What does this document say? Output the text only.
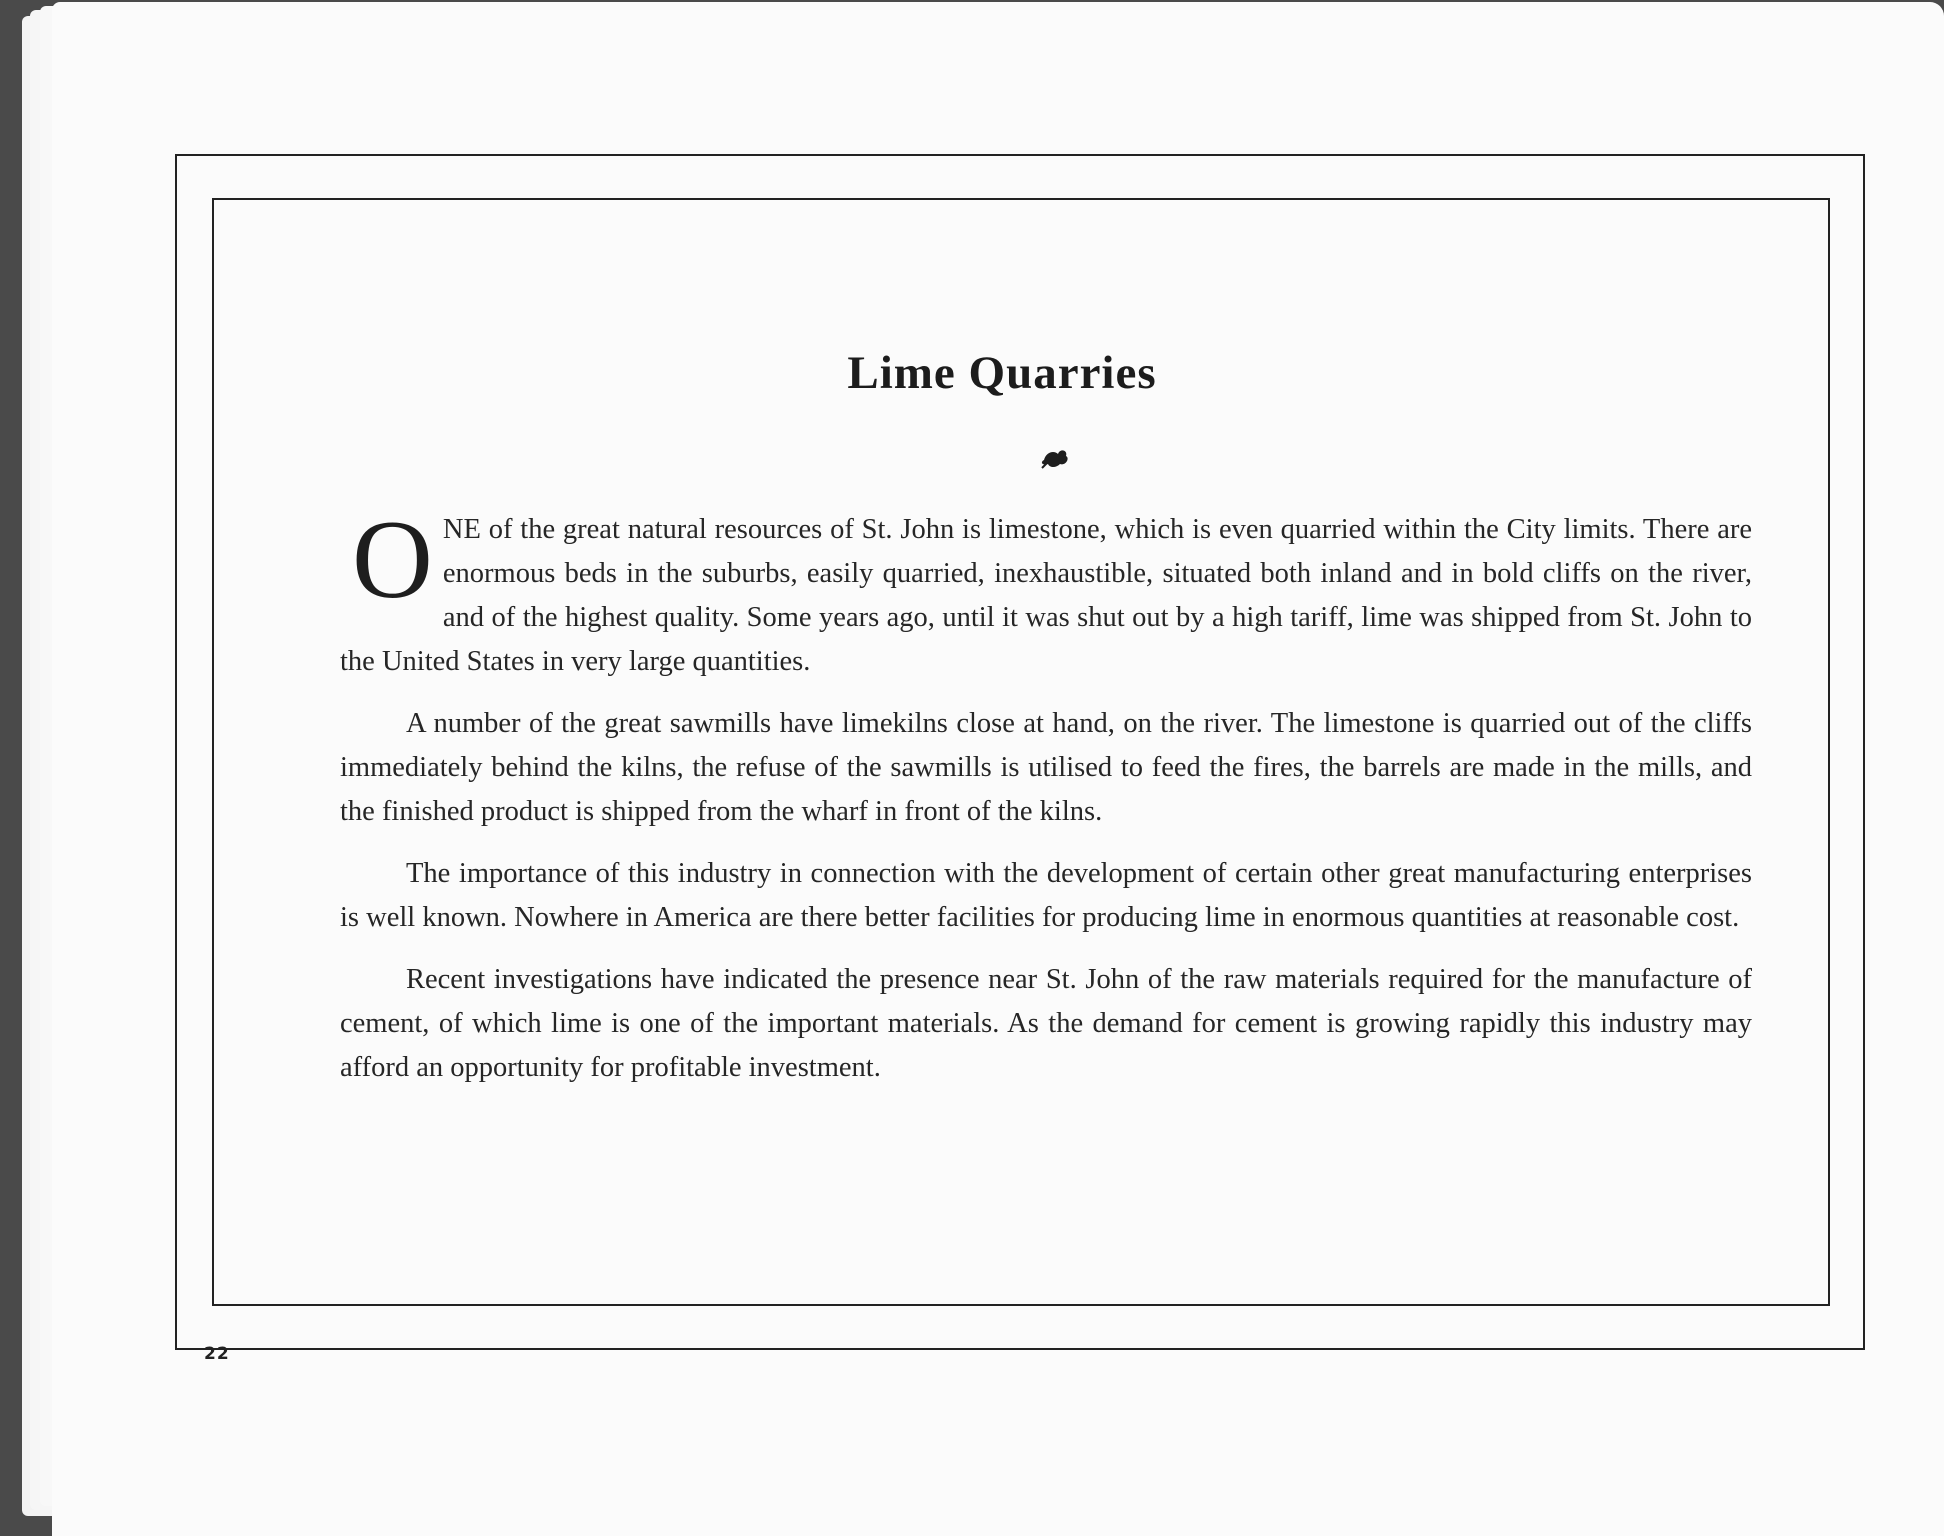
Lime Quarries

ONE of the great natural resources of St. John is limestone, which is even quarried within the City limits. There are enormous beds in the suburbs, easily quarried, inexhaustible, situated both inland and in bold cliffs on the river, and of the highest quality. Some years ago, until it was shut out by a high tariff, lime was shipped from St. John to the United States in very large quantities.

A number of the great sawmills have limekilns close at hand, on the river. The limestone is quarried out of the cliffs immediately behind the kilns, the refuse of the sawmills is utilised to feed the fires, the barrels are made in the mills, and the finished product is shipped from the wharf in front of the kilns.

The importance of this industry in connection with the development of certain other great manufacturing enterprises is well known. Nowhere in America are there better facilities for producing lime in enormous quantities at reasonable cost.

Recent investigations have indicated the presence near St. John of the raw materials required for the manufacture of cement, of which lime is one of the important materials. As the demand for cement is growing rapidly this industry may afford an opportunity for profitable investment.

22
